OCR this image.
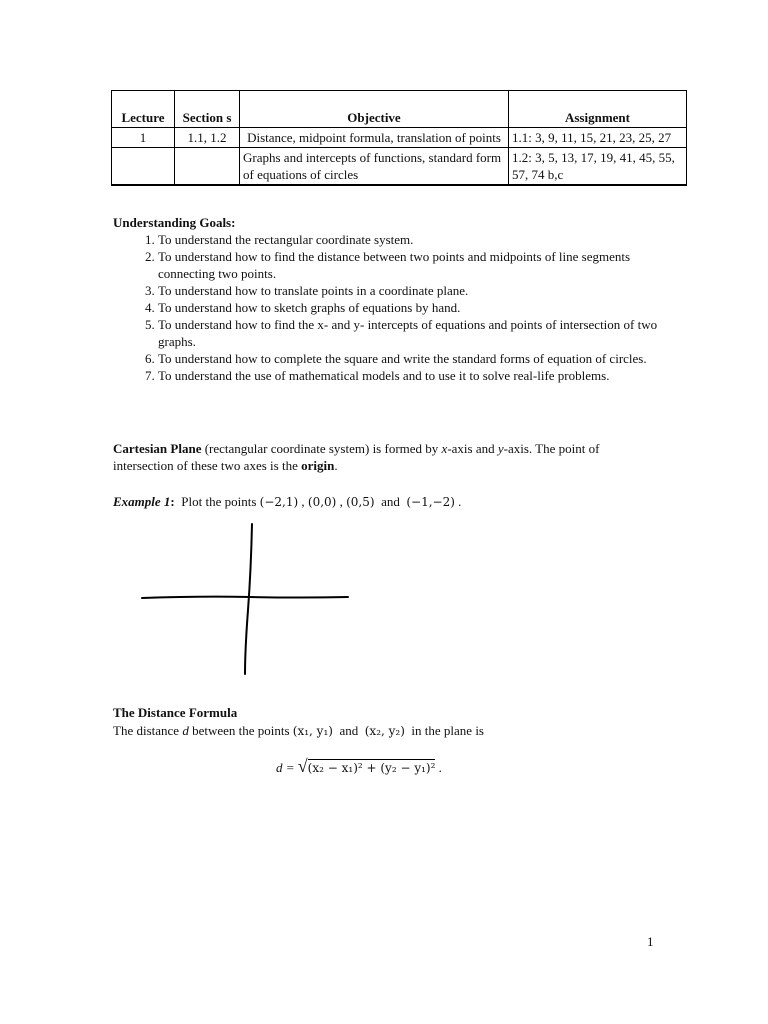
Lecture	Section s	Objective	Assignment
1	1.1, 1.2	Distance, midpoint formula, translation of points	1.1: 3, 9, 11, 15, 21, 23, 25, 27
		Graphs and intercepts of functions, standard form of equations of circles	1.2: 3, 5, 13, 17, 19, 41, 45, 55, 57, 74 b,c
Understanding Goals:
1. To understand the rectangular coordinate system.
2. To understand how to find the distance between two points and midpoints of line segments connecting two points.
3. To understand how to translate points in a coordinate plane.
4. To understand how to sketch graphs of equations by hand.
5. To understand how to find the x- and y- intercepts of equations and points of intersection of two graphs.
6. To understand how to complete the square and write the standard forms of equation of circles.
7. To understand the use of mathematical models and to use it to solve real-life problems.
Cartesian Plane (rectangular coordinate system) is formed by x-axis and y-axis. The point of intersection of these two axes is the origin.
Example 1:  Plot the points (−2,1) , (0,0) , (0,5)  and  (−1,−2) .
The Distance Formula
The distance d between the points (x₁, y₁)  and  (x₂, y₂)  in the plane is
d = √(x₂ − x₁)² + (y₂ − y₁)² .
1
